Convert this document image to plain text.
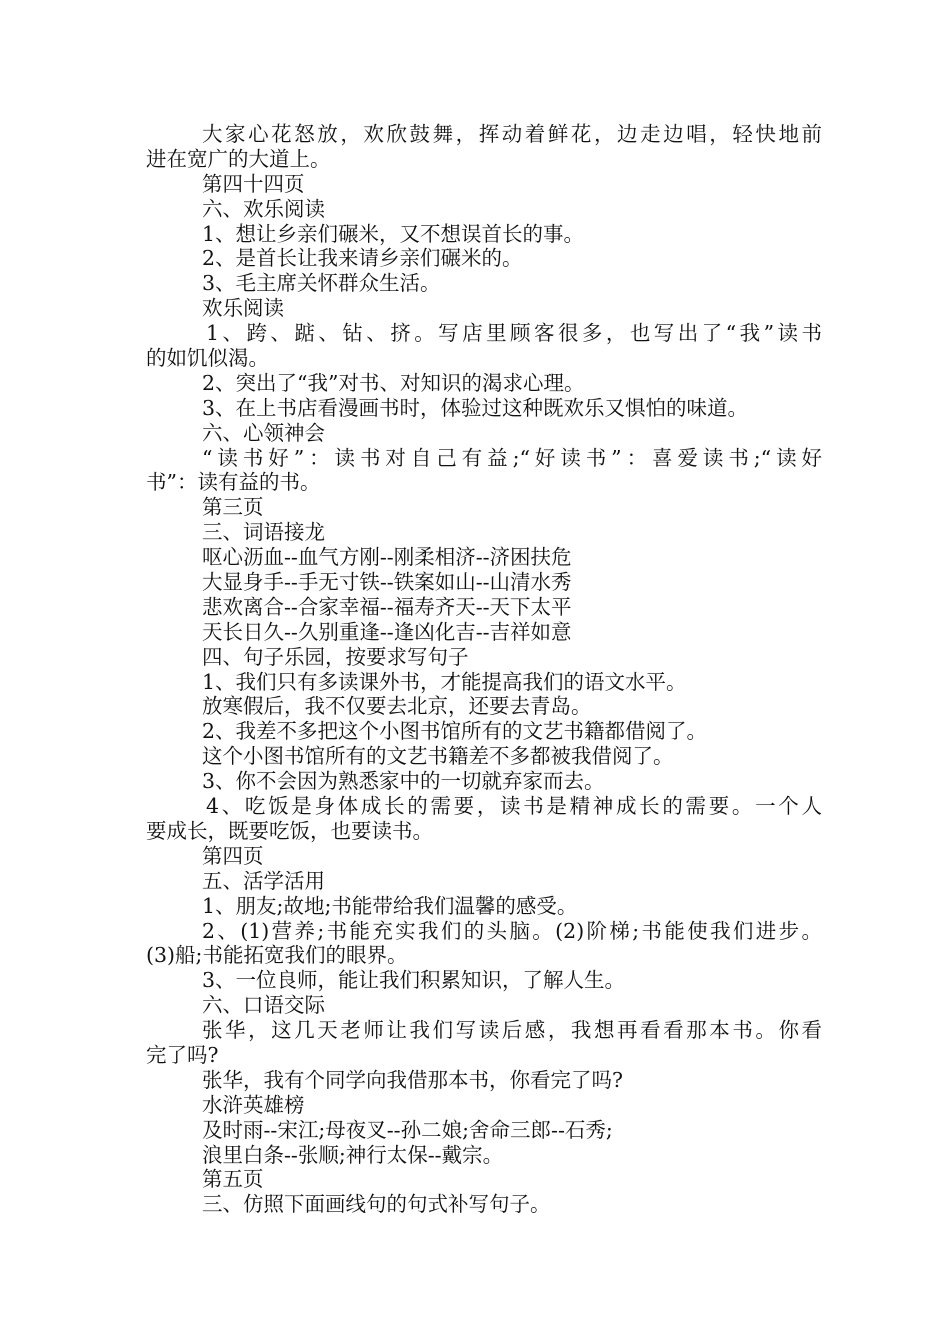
大家心花怒放，欢欣鼓舞，挥动着鲜花，边走边唱，轻快地前
进在宽广的大道上。
第四十四页
六、欢乐阅读
1、想让乡亲们碾米，又不想误首长的事。
2、是首长让我来请乡亲们碾米的。
3、毛主席关怀群众生活。
欢乐阅读
1、跨、踮、钻、挤。写店里顾客很多，也写出了“我”读书
的如饥似渴。
2、突出了“我”对书、对知识的渴求心理。
3、在上书店看漫画书时，体验过这种既欢乐又惧怕的味道。
六、心领神会
“读书好”：读书对自己有益;“好读书”：喜爱读书;“读好
书”：读有益的书。
第三页
三、词语接龙
呕心沥血--血气方刚--刚柔相济--济困扶危
大显身手--手无寸铁--铁案如山--山清水秀
悲欢离合--合家幸福--福寿齐天--天下太平
天长日久--久别重逢--逢凶化吉--吉祥如意
四、句子乐园，按要求写句子
1、我们只有多读课外书，才能提高我们的语文水平。
放寒假后，我不仅要去北京，还要去青岛。
2、我差不多把这个小图书馆所有的文艺书籍都借阅了。
这个小图书馆所有的文艺书籍差不多都被我借阅了。
3、你不会因为熟悉家中的一切就弃家而去。
4、吃饭是身体成长的需要，读书是精神成长的需要。一个人
要成长，既要吃饭，也要读书。
第四页
五、活学活用
1、朋友;故地;书能带给我们温馨的感受。
2、(1)营养;书能充实我们的头脑。(2)阶梯;书能使我们进步。
(3)船;书能拓宽我们的眼界。
3、一位良师，能让我们积累知识，了解人生。
六、口语交际
张华，这几天老师让我们写读后感，我想再看看那本书。你看
完了吗?
张华，我有个同学向我借那本书，你看完了吗?
水浒英雄榜
及时雨--宋江;母夜叉--孙二娘;舍命三郎--石秀;
浪里白条--张顺;神行太保--戴宗。
第五页
三、仿照下面画线句的句式补写句子。
